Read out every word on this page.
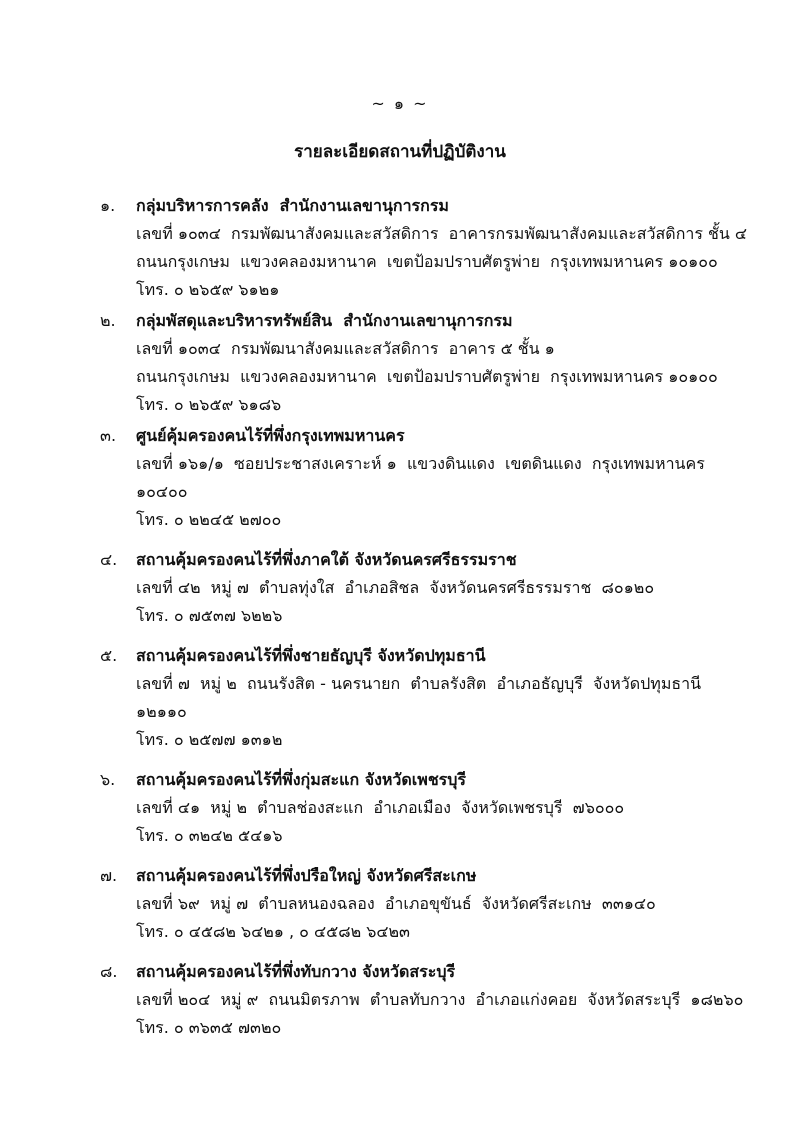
~ ๑ ~
รายละเอียดสถานที่ปฏิบัติงาน
๑.	กลุ่มบริหารการคลัง  สำนักงานเลขานุการกรม
เลขที่ ๑๐๓๔  กรมพัฒนาสังคมและสวัสดิการ  อาคารกรมพัฒนาสังคมและสวัสดิการ ชั้น ๔
ถนนกรุงเกษม  แขวงคลองมหานาค  เขตป้อมปราบศัตรูพ่าย  กรุงเทพมหานคร ๑๐๑๐๐
โทร. ๐ ๒๖๕๙ ๖๑๒๑
๒.	กลุ่มพัสดุและบริหารทรัพย์สิน  สำนักงานเลขานุการกรม
เลขที่ ๑๐๓๔  กรมพัฒนาสังคมและสวัสดิการ  อาคาร ๕ ชั้น ๑
ถนนกรุงเกษม  แขวงคลองมหานาค  เขตป้อมปราบศัตรูพ่าย  กรุงเทพมหานคร ๑๐๑๐๐
โทร. ๐ ๒๖๕๙ ๖๑๘๖
๓.	ศูนย์คุ้มครองคนไร้ที่พึ่งกรุงเทพมหานคร
เลขที่ ๑๖๑/๑  ซอยประชาสงเคราะห์ ๑  แขวงดินแดง  เขตดินแดง  กรุงเทพมหานคร  ๑๐๔๐๐
โทร. ๐ ๒๒๔๕ ๒๗๐๐
๔.	สถานคุ้มครองคนไร้ที่พึ่งภาคใต้ จังหวัดนครศรีธรรมราช
เลขที่ ๔๒  หมู่ ๗  ตำบลทุ่งใส  อำเภอสิชล  จังหวัดนครศรีธรรมราช  ๘๐๑๒๐
โทร. ๐ ๗๕๓๗ ๖๒๒๖
๕.	สถานคุ้มครองคนไร้ที่พึ่งชายธัญบุรี จังหวัดปทุมธานี
เลขที่ ๗  หมู่ ๒  ถนนรังสิต - นครนายก  ตำบลรังสิต  อำเภอธัญบุรี  จังหวัดปทุมธานี  ๑๒๑๑๐
โทร. ๐ ๒๕๗๗ ๑๓๑๒
๖.	สถานคุ้มครองคนไร้ที่พึ่งกุ่มสะแก จังหวัดเพชรบุรี
เลขที่ ๔๑  หมู่ ๒  ตำบลช่องสะแก  อำเภอเมือง  จังหวัดเพชรบุรี  ๗๖๐๐๐
โทร. ๐ ๓๒๔๒ ๕๔๑๖
๗.	สถานคุ้มครองคนไร้ที่พึ่งปรือใหญ่ จังหวัดศรีสะเกษ
เลขที่ ๖๙  หมู่ ๗  ตำบลหนองฉลอง  อำเภอขุขันธ์  จังหวัดศรีสะเกษ  ๓๓๑๔๐
โทร. ๐ ๔๕๘๒ ๖๔๒๑ , ๐ ๔๕๘๒ ๖๔๒๓
๘.	สถานคุ้มครองคนไร้ที่พึ่งทับกวาง จังหวัดสระบุรี
เลขที่ ๒๐๔  หมู่ ๙  ถนนมิตรภาพ  ตำบลทับกวาง  อำเภอแก่งคอย  จังหวัดสระบุรี  ๑๘๒๖๐
โทร. ๐ ๓๖๓๕ ๗๓๒๐
